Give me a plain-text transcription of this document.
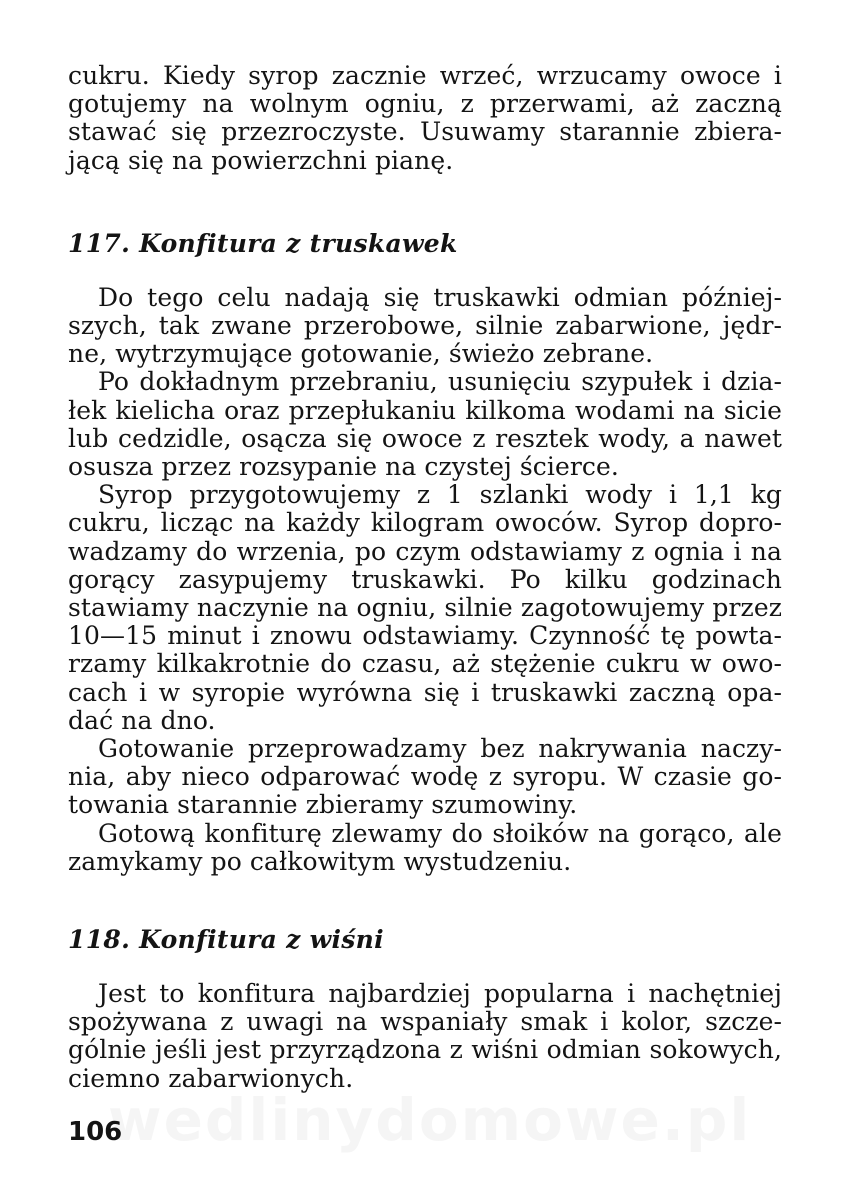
cukru. Kiedy syrop zacznie wrzeć, wrzucamy owoce i gotujemy na wolnym ogniu, z przerwami, aż zaczną stawać się przezroczyste. Usuwamy starannie zbierającą się na powierzchni pianę.

117. Konfitura z truskawek

Do tego celu nadają się truskawki odmian późniejszych, tak zwane przerobowe, silnie zabarwione, jędrne, wytrzymujące gotowanie, świeżo zebrane.

Po dokładnym przebraniu, usunięciu szypułek i działek kielicha oraz przepłukaniu kilkoma wodami na sicie lub cedzidle, osącza się owoce z resztek wody, a nawet osusza przez rozsypanie na czystej ścierce.

Syrop przygotowujemy z 1 szlanki wody i 1,1 kg cukru, licząc na każdy kilogram owoców. Syrop doprowadzamy do wrzenia, po czym odstawiamy z ognia i na gorący zasypujemy truskawki. Po kilku godzinach stawiamy naczynie na ogniu, silnie zagotowujemy przez 10—15 minut i znowu odstawiamy. Czynność tę powtarzamy kilkakrotnie do czasu, aż stężenie cukru w owocach i w syropie wyrówna się i truskawki zaczną opadać na dno.

Gotowanie przeprowadzamy bez nakrywania naczynia, aby nieco odparować wodę z syropu. W czasie gotowania starannie zbieramy szumowiny.

Gotową konfiturę zlewamy do słoików na gorąco, ale zamykamy po całkowitym wystudzeniu.

118. Konfitura z wiśni

Jest to konfitura najbardziej popularna i nachętniej spożywana z uwagi na wspaniały smak i kolor, szczególnie jeśli jest przyrządzona z wiśni odmian sokowych, ciemno zabarwionych.

wedlinydomowe.pl
106
